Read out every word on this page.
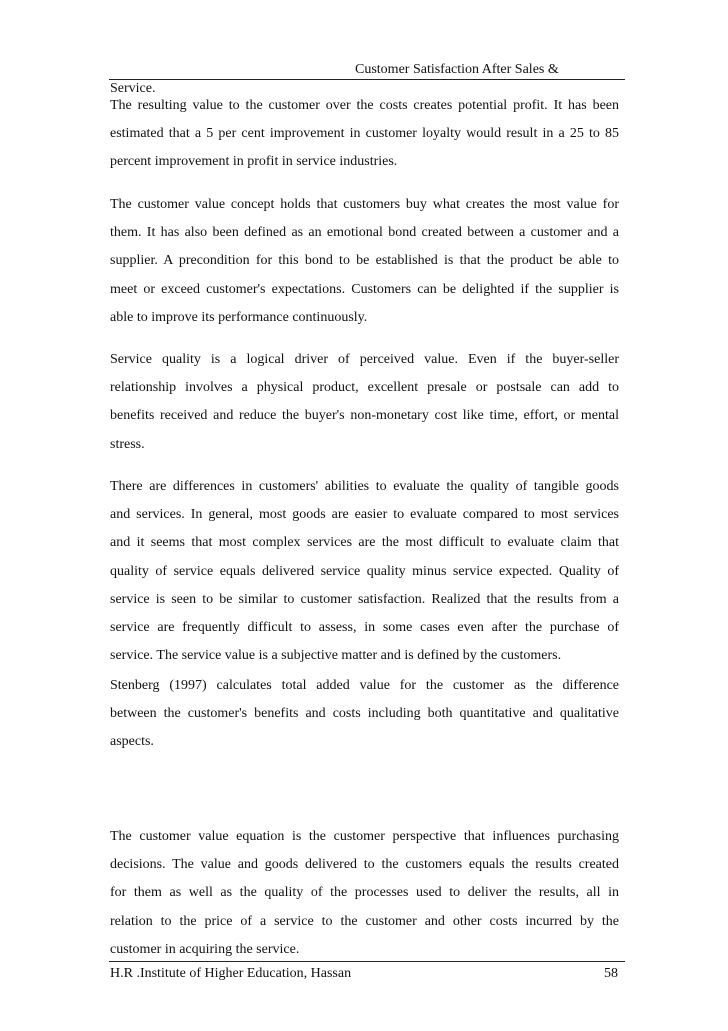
Customer Satisfaction After Sales &
Service.
The resulting value to the customer over the costs creates potential profit. It has been
estimated that a 5 per cent improvement in customer loyalty would result in a 25 to 85
percent improvement in profit in service industries.
The customer value concept holds that customers buy what creates the most value for
them. It has also been defined as an emotional bond created between a customer and a
supplier. A precondition for this bond to be established is that the product be able to
meet or exceed customer's expectations. Customers can be delighted if the supplier is
able to improve its performance continuously.
Service quality is a logical driver of perceived value. Even if the buyer-seller
relationship involves a physical product, excellent presale or postsale can add to
benefits received and reduce the buyer's non-monetary cost like time, effort, or mental
stress.
There are differences in customers' abilities to evaluate the quality of tangible goods
and services. In general, most goods are easier to evaluate compared to most services
and it seems that most complex services are the most difficult to evaluate claim that
quality of service equals delivered service quality minus service expected. Quality of
service is seen to be similar to customer satisfaction. Realized that the results from a
service are frequently difficult to assess, in some cases even after the purchase of
service. The service value is a subjective matter and is defined by the customers.
Stenberg (1997) calculates total added value for the customer as the difference
between the customer's benefits and costs including both quantitative and qualitative
aspects.
The customer value equation is the customer perspective that influences purchasing
decisions. The value and goods delivered to the customers equals the results created
for them as well as the quality of the processes used to deliver the results, all in
relation to the price of a service to the customer and other costs incurred by the
customer in acquiring the service.
H.R .Institute of Higher Education, Hassan	58
